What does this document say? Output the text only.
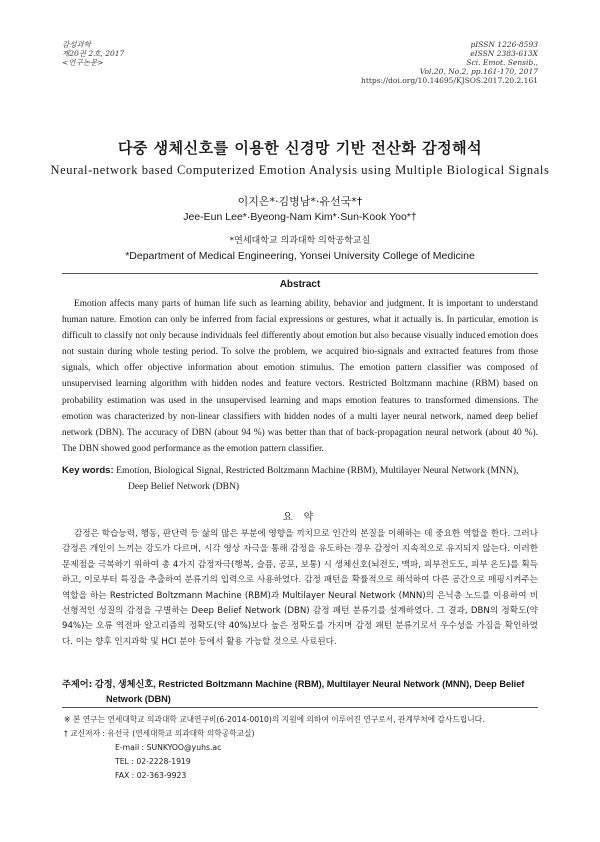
감성과학
제20권 2호, 2017
<연구논문>
pISSN 1226-8593
eISSN 2383-613X
Sci. Emot. Sensib.,
Vol.20, No.2, pp.161-170, 2017
https://doi.org/10.14695/KJSOS.2017.20.2.161
다중 생체신호를 이용한 신경망 기반 전산화 감정해석
Neural-network based Computerized Emotion Analysis using Multiple Biological Signals
이지은*·김병남*·유선국*†
Jee-Eun Lee*·Byeong-Nam Kim*·Sun-Kook Yoo*†
*연세대학교 의과대학 의학공학교실
*Department of Medical Engineering, Yonsei University College of Medicine
Abstract

Emotion affects many parts of human life such as learning ability, behavior and judgment. It is important to understand human nature. Emotion can only be inferred from facial expressions or gestures, what it actually is. In particular, emotion is difficult to classify not only because individuals feel differently about emotion but also because visually induced emotion does not sustain during whole testing period. To solve the problem, we acquired bio-signals and extracted features from those signals, which offer objective information about emotion stimulus. The emotion pattern classifier was composed of unsupervised learning algorithm with hidden nodes and feature vectors. Restricted Boltzmann machine (RBM) based on probability estimation was used in the unsupervised learning and maps emotion features to transformed dimensions. The emotion was characterized by non-linear classifiers with hidden nodes of a multi layer neural network, named deep belief network (DBN). The accuracy of DBN (about 94 %) was better than that of back-propagation neural network (about 40 %). The DBN showed good performance as the emotion pattern classifier.

Key words: Emotion, Biological Signal, Restricted Boltzmann Machine (RBM), Multilayer Neural Network (MNN), Deep Belief Network (DBN)
요 약

감정은 학습능력, 행동, 판단력 등 삶의 많은 부분에 영향을 끼치므로 인간의 본질을 이해하는 데 중요한 역할을 한다. 그러나 감정은 개인이 느끼는 강도가 다르며, 시각 영상 자극을 통해 감정을 유도하는 경우 감정이 지속적으로 유지되지 않는다. 이러한 문제점을 극복하기 위하여 총 4가지 감정자극(행복, 슬픔, 공포, 보통) 시 생체신호(뇌전도, 맥파, 피부전도도, 피부 온도)를 획득하고, 이로부터 특징을 추출하여 분류기의 입력으로 사용하였다. 감정 패턴을 확률적으로 해석하여 다른 공간으로 매핑시켜주는 역할을 하는 Restricted Boltzmann Machine (RBM)과 Multilayer Neural Network (MNN)의 은닉층 노드를 이용하여 비선형적인 성질의 감정을 구별하는 Deep Belief Network (DBN) 감정 패턴 분류기를 설계하였다. 그 결과, DBN의 정확도(약 94%)는 오류 역전파 알고리즘의 정확도(약 40%)보다 높은 정확도를 가지며 감정 패턴 분류기로서 우수성을 가짐을 확인하였다. 이는 향후 인지과학 및 HCI 분야 등에서 활용 가능할 것으로 사료된다.

주제어: 감정, 생체신호, Restricted Boltzmann Machine (RBM), Multilayer Neural Network (MNN), Deep Belief Network (DBN)
※ 본 연구는 연세대학교 의과대학 교내연구비(6-2014-0010)의 지원에 의하여 이루어진 연구로서, 관계부처에 감사드립니다.
† 교신저자 : 유선국 (연세대학교 의과대학 의학공학교실)
E-mail : SUNKYOO@yuhs.ac
TEL : 02-2228-1919
FAX : 02-363-9923
